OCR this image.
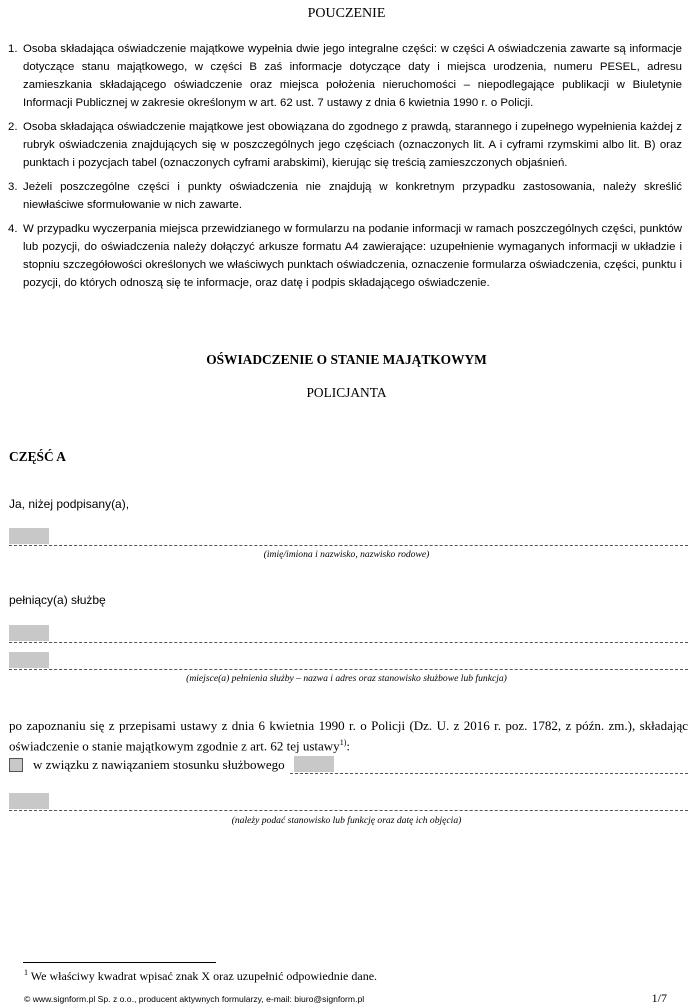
POUCZENIE
1. Osoba składająca oświadczenie majątkowe wypełnia dwie jego integralne części: w części A oświadczenia zawarte są informacje dotyczące stanu majątkowego, w części B zaś informacje dotyczące daty i miejsca urodzenia, numeru PESEL, adresu zamieszkania składającego oświadczenie oraz miejsca położenia nieruchomości – niepodlegające publikacji w Biuletynie Informacji Publicznej w zakresie określonym w art. 62 ust. 7 ustawy z dnia 6 kwietnia 1990 r. o Policji.
2. Osoba składająca oświadczenie majątkowe jest obowiązana do zgodnego z prawdą, starannego i zupełnego wypełnienia każdej z rubryk oświadczenia znajdujących się w poszczególnych jego częściach (oznaczonych lit. A i cyframi rzymskimi albo lit. B) oraz punktach i pozycjach tabel (oznaczonych cyframi arabskimi), kierując się treścią zamieszczonych objaśnień.
3. Jeżeli poszczególne części i punkty oświadczenia nie znajdują w konkretnym przypadku zastosowania, należy skreślić niewłaściwe sformułowanie w nich zawarte.
4. W przypadku wyczerpania miejsca przewidzianego w formularzu na podanie informacji w ramach poszczególnych części, punktów lub pozycji, do oświadczenia należy dołączyć arkusze formatu A4 zawierające: uzupełnienie wymaganych informacji w układzie i stopniu szczegółowości określonych we właściwych punktach oświadczenia, oznaczenie formularza oświadczenia, części, punktu i pozycji, do których odnoszą się te informacje, oraz datę i podpis składającego oświadczenie.
OŚWIADCZENIE O STANIE MAJĄTKOWYM
POLICJANTA
CZĘŚĆ A
Ja, niżej podpisany(a),
(imię/imiona i nazwisko, nazwisko rodowe)
pełniący(a) służbę
(miejsce(a) pełnienia służby – nazwa i adres oraz stanowisko służbowe lub funkcja)
po zapoznaniu się z przepisami ustawy z dnia 6 kwietnia 1990 r. o Policji (Dz. U. z 2016 r. poz. 1782, z późn. zm.), składając oświadczenie o stanie majątkowym zgodnie z art. 62 tej ustawy$^{1)}$:
w związku z nawiązaniem stosunku służbowego
(należy podać stanowisko lub funkcję oraz datę ich objęcia)
$^1$ We właściwy kwadrat wpisać znak X oraz uzupełnić odpowiednie dane.
© www.signform.pl Sp. z o.o., producent aktywnych formularzy, e-mail: biuro@signform.pl	1/7
